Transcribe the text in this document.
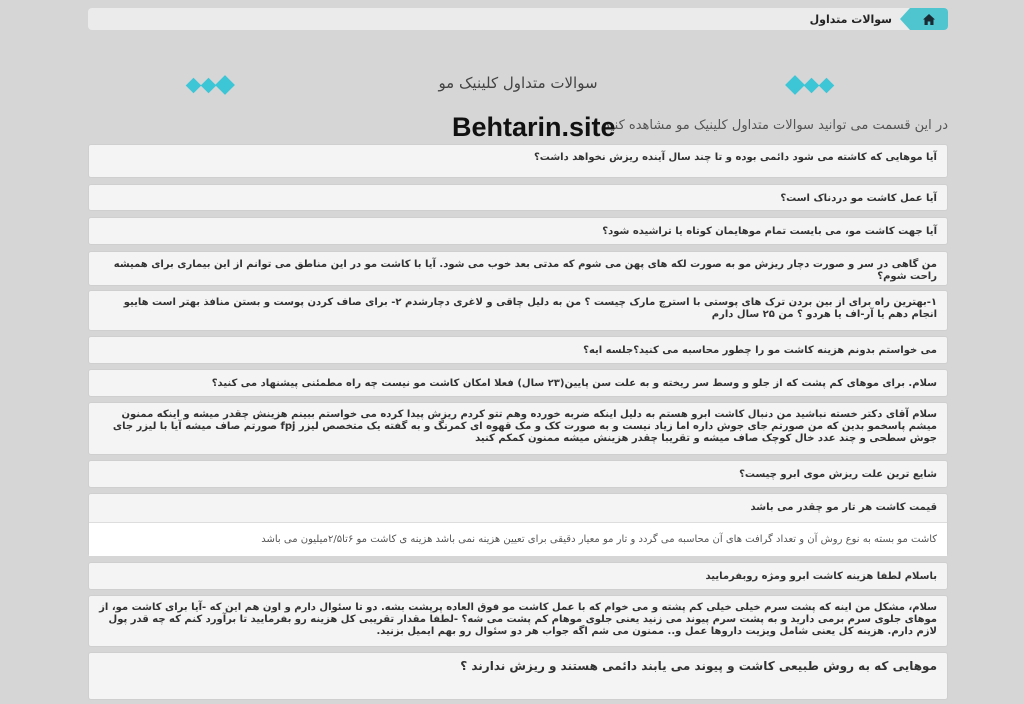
سوالات متداول
سوالات متداول کلینیک مو
در این قسمت می توانید سوالات متداول کلینیک مو مشاهده کنید
Behtarin.site
آیا موهایی که کاشته می شود دائمی بوده و تا چند سال آینده ریزش نخواهد داشت؟
آیا عمل کاشت مو دردناک است؟
آیا جهت کاشت مو، می بایست تمام موهایمان کوتاه یا تراشیده شود؟
من گاهی در سر و صورت دچار ریزش مو به صورت لکه های پهن می شوم که مدتی بعد خوب می شود. آیا با کاشت مو در این مناطق می توانم از این بیماری برای همیشه راحت شوم؟
۱-بهترین راه برای از بین بردن ترک های پوستی با استرچ مارک چیست ؟ من به دلیل چاقی و لاغری دچارشدم ۲- برای صاف کردن پوست و بستن منافذ بهتر است هاییو انجام دهم یا آر-اف یا هردو ؟ من ۲۵ سال دارم
می خواستم بدونم هزینه کاشت مو را چطور محاسبه می کنید؟جلسه ایه؟
سلام. برای موهای کم پشت که از جلو و وسط سر ریخته و به علت سن پایین(۲۳ سال) فعلا امکان کاشت مو نیست چه راه مطمئنی پیشنهاد می کنید؟
سلام آقای دکتر خسته نباشید من دنبال کاشت ابرو هستم به دلیل اینکه ضربه خورده وهم تتو کردم ریزش پیدا کرده می خواستم ببینم هزینش چقدر میشه و اینکه ممنون میشم پاسخمو بدین که من صورتم جای جوش داره اما زیاد نیست و به صورت کک و مک قهوه ای کمرنگ و به گفته یک متخصص لیزر fpj صورتم صاف میشه آیا با لیزر جای جوش سطحی و چند عدد خال کوچک صاف میشه و تقریبا چقدر هزینش میشه ممنون کمکم کنید
شایع ترین علت ریزش موی ابرو چیست؟
قیمت کاشت هر تار مو چقدر می باشد
کاشت مو بسته به نوع روش آن و تعداد گرافت های آن محاسبه می گردد و تار مو معیار دقیقی برای تعیین هزینه نمی باشد هزینه ی کاشت مو ۶تا۲/۵میلیون می باشد
باسلام لطفا هزینه کاشت ابرو ومژه روبفرمایید
سلام، مشکل من اینه که پشت سرم خیلی خیلی کم پشته و می خوام که با عمل کاشت مو فوق العاده پرپشت بشه. دو تا سئوال دارم و اون هم این که -آیا برای کاشت مو، از موهای جلوی سرم برمی دارید و به پشت سرم پیوند می زنید یعنی جلوی موهام کم پشت می شه؟ -لطفا مقدار تقریبی کل هزینه رو بفرمایید تا برآورد کنم که چه قدر پول لازم دارم. هزینه کل یعنی شامل ویزیت داروها عمل و.. ممنون می شم اگه جواب هر دو سئوال رو بهم ایمیل بزنید.
موهایی که به روش طبیعی کاشت و پیوند می یابند دائمی هستند و ریزش ندارند ؟
